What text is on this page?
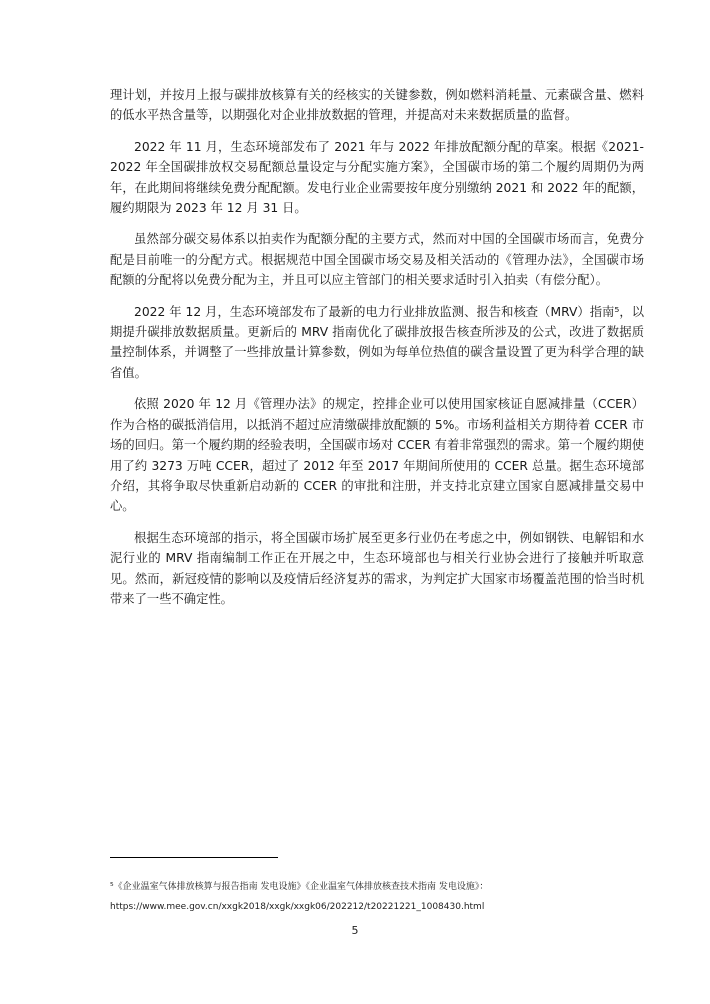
理计划，并按月上报与碳排放核算有关的经核实的关键参数，例如燃料消耗量、元素碳含量、燃料的低水平热含量等，以期强化对企业排放数据的管理，并提高对未来数据质量的监督。

2022 年 11 月，生态环境部发布了 2021 年与 2022 年排放配额分配的草案。根据《2021-2022 年全国碳排放权交易配额总量设定与分配实施方案》，全国碳市场的第二个履约周期仍为两年，在此期间将继续免费分配配额。发电行业企业需要按年度分别缴纳 2021 和 2022 年的配额，履约期限为 2023 年 12 月 31 日。

虽然部分碳交易体系以拍卖作为配额分配的主要方式，然而对中国的全国碳市场而言，免费分配是目前唯一的分配方式。根据规范中国全国碳市场交易及相关活动的《管理办法》，全国碳市场配额的分配将以免费分配为主，并且可以应主管部门的相关要求适时引入拍卖（有偿分配）。

2022 年 12 月，生态环境部发布了最新的电力行业排放监测、报告和核查（MRV）指南⁵，以期提升碳排放数据质量。更新后的 MRV 指南优化了碳排放报告核查所涉及的公式，改进了数据质量控制体系，并调整了一些排放量计算参数，例如为每单位热值的碳含量设置了更为科学合理的缺省值。

依照 2020 年 12 月《管理办法》的规定，控排企业可以使用国家核证自愿减排量（CCER）作为合格的碳抵消信用，以抵消不超过应清缴碳排放配额的 5%。市场利益相关方期待着 CCER 市场的回归。第一个履约期的经验表明，全国碳市场对 CCER 有着非常强烈的需求。第一个履约期使用了约 3273 万吨 CCER，超过了 2012 年至 2017 年期间所使用的 CCER 总量。据生态环境部介绍，其将争取尽快重新启动新的 CCER 的审批和注册，并支持北京建立国家自愿减排量交易中心。

根据生态环境部的指示，将全国碳市场扩展至更多行业仍在考虑之中，例如钢铁、电解铝和水泥行业的 MRV 指南编制工作正在开展之中，生态环境部也与相关行业协会进行了接触并听取意见。然而，新冠疫情的影响以及疫情后经济复苏的需求，为判定扩大国家市场覆盖范围的恰当时机带来了一些不确定性。

⁵《企业温室气体排放核算与报告指南 发电设施》《企业温室气体排放核查技术指南 发电设施》：
https://www.mee.gov.cn/xxgk2018/xxgk/xxgk06/202212/t20221221_1008430.html
5
